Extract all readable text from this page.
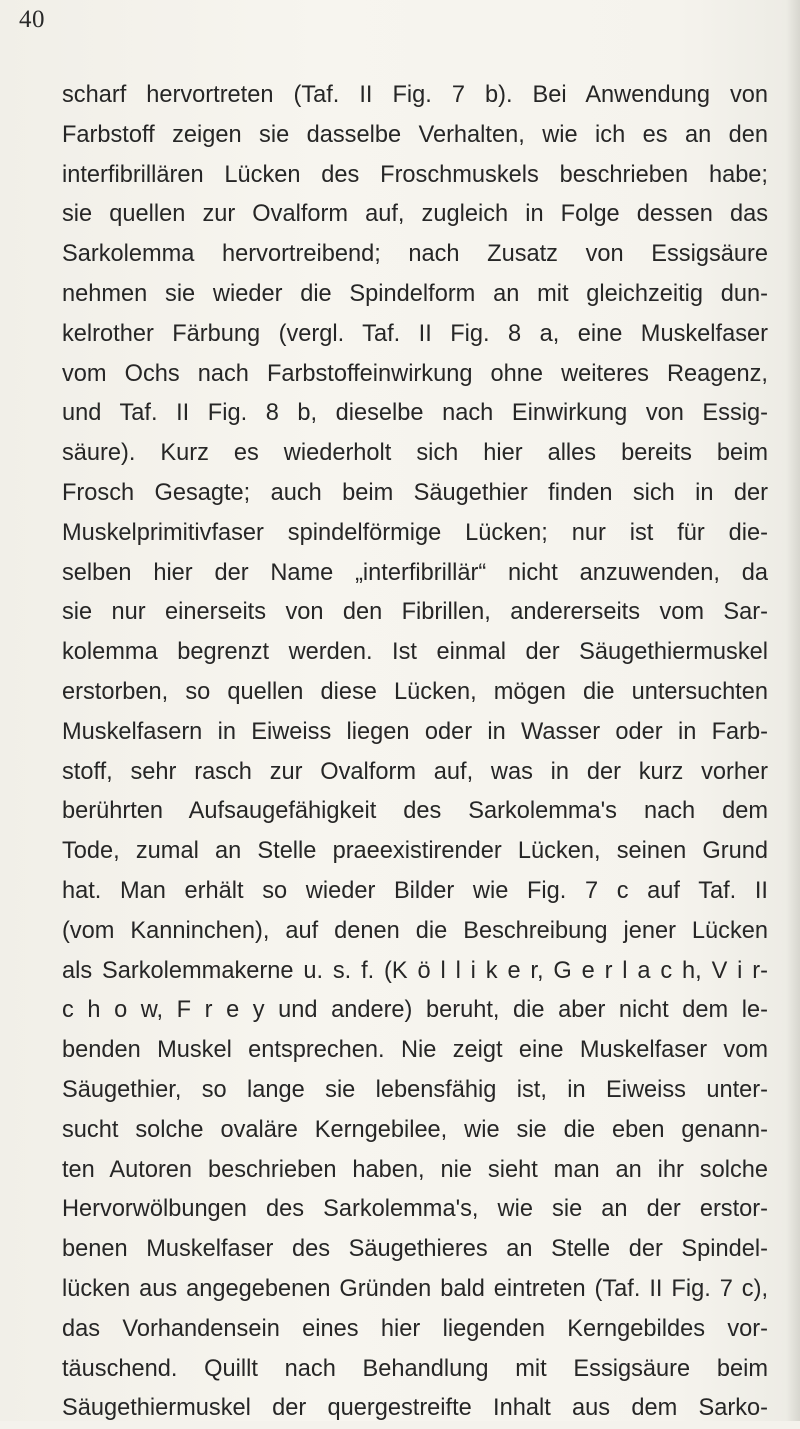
40
scharf hervortreten (Taf. II Fig. 7 b). Bei Anwendung von
Farbstoff zeigen sie dasselbe Verhalten, wie ich es an den
interfibrillären Lücken des Froschmuskels beschrieben habe;
sie quellen zur Ovalform auf, zugleich in Folge dessen das
Sarkolemma hervortreibend; nach Zusatz von Essigsäure
nehmen sie wieder die Spindelform an mit gleichzeitig dun-
kelrother Färbung (vergl. Taf. II Fig. 8 a, eine Muskelfaser
vom Ochs nach Farbstoffeinwirkung ohne weiteres Reagenz,
und Taf. II Fig. 8 b, dieselbe nach Einwirkung von Essig-
säure). Kurz es wiederholt sich hier alles bereits beim
Frosch Gesagte; auch beim Säugethier finden sich in der
Muskelprimitivfaser spindelförmige Lücken; nur ist für die-
selben hier der Name „interfibrillär“ nicht anzuwenden, da
sie nur einerseits von den Fibrillen, andererseits vom Sar-
kolemma begrenzt werden. Ist einmal der Säugethiermuskel
erstorben, so quellen diese Lücken, mögen die untersuchten
Muskelfasern in Eiweiss liegen oder in Wasser oder in Farb-
stoff, sehr rasch zur Ovalform auf, was in der kurz vorher
berührten Aufsaugefähigkeit des Sarkolemma's nach dem
Tode, zumal an Stelle praeexistirender Lücken, seinen Grund
hat. Man erhält so wieder Bilder wie Fig. 7 c auf Taf. II
(vom Kanninchen), auf denen die Beschreibung jener Lücken
als Sarkolemmakerne u. s. f. (K ö l l i k e r, G e r l a c h, V i r-
c h o w, F r e y und andere) beruht, die aber nicht dem le-
benden Muskel entsprechen. Nie zeigt eine Muskelfaser vom
Säugethier, so lange sie lebensfähig ist, in Eiweiss unter-
sucht solche ovaläre Kerngebilee, wie sie die eben genann-
ten Autoren beschrieben haben, nie sieht man an ihr solche
Hervorwölbungen des Sarkolemma's, wie sie an der erstor-
benen Muskelfaser des Säugethieres an Stelle der Spindel-
lücken aus angegebenen Gründen bald eintreten (Taf. II Fig. 7 c),
das Vorhandensein eines hier liegenden Kerngebildes vor-
täuschend. Quillt nach Behandlung mit Essigsäure beim
Säugethiermuskel der quergestreifte Inhalt aus dem Sarko-
